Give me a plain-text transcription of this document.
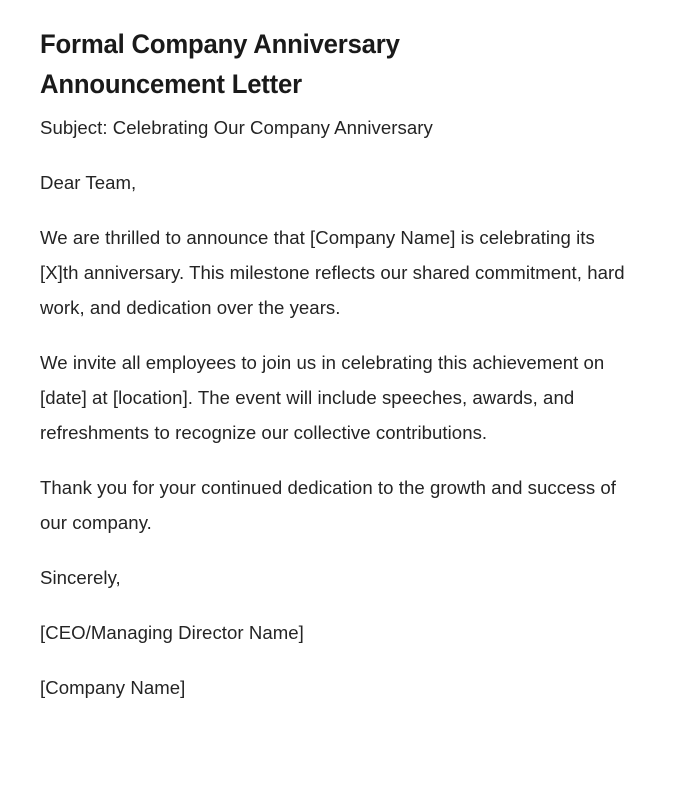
Formal Company Anniversary Announcement Letter

Subject: Celebrating Our Company Anniversary

Dear Team,

We are thrilled to announce that [Company Name] is celebrating its [X]th anniversary. This milestone reflects our shared commitment, hard work, and dedication over the years.

We invite all employees to join us in celebrating this achievement on [date] at [location]. The event will include speeches, awards, and refreshments to recognize our collective contributions.

Thank you for your continued dedication to the growth and success of our company.

Sincerely,

[CEO/Managing Director Name]

[Company Name]
